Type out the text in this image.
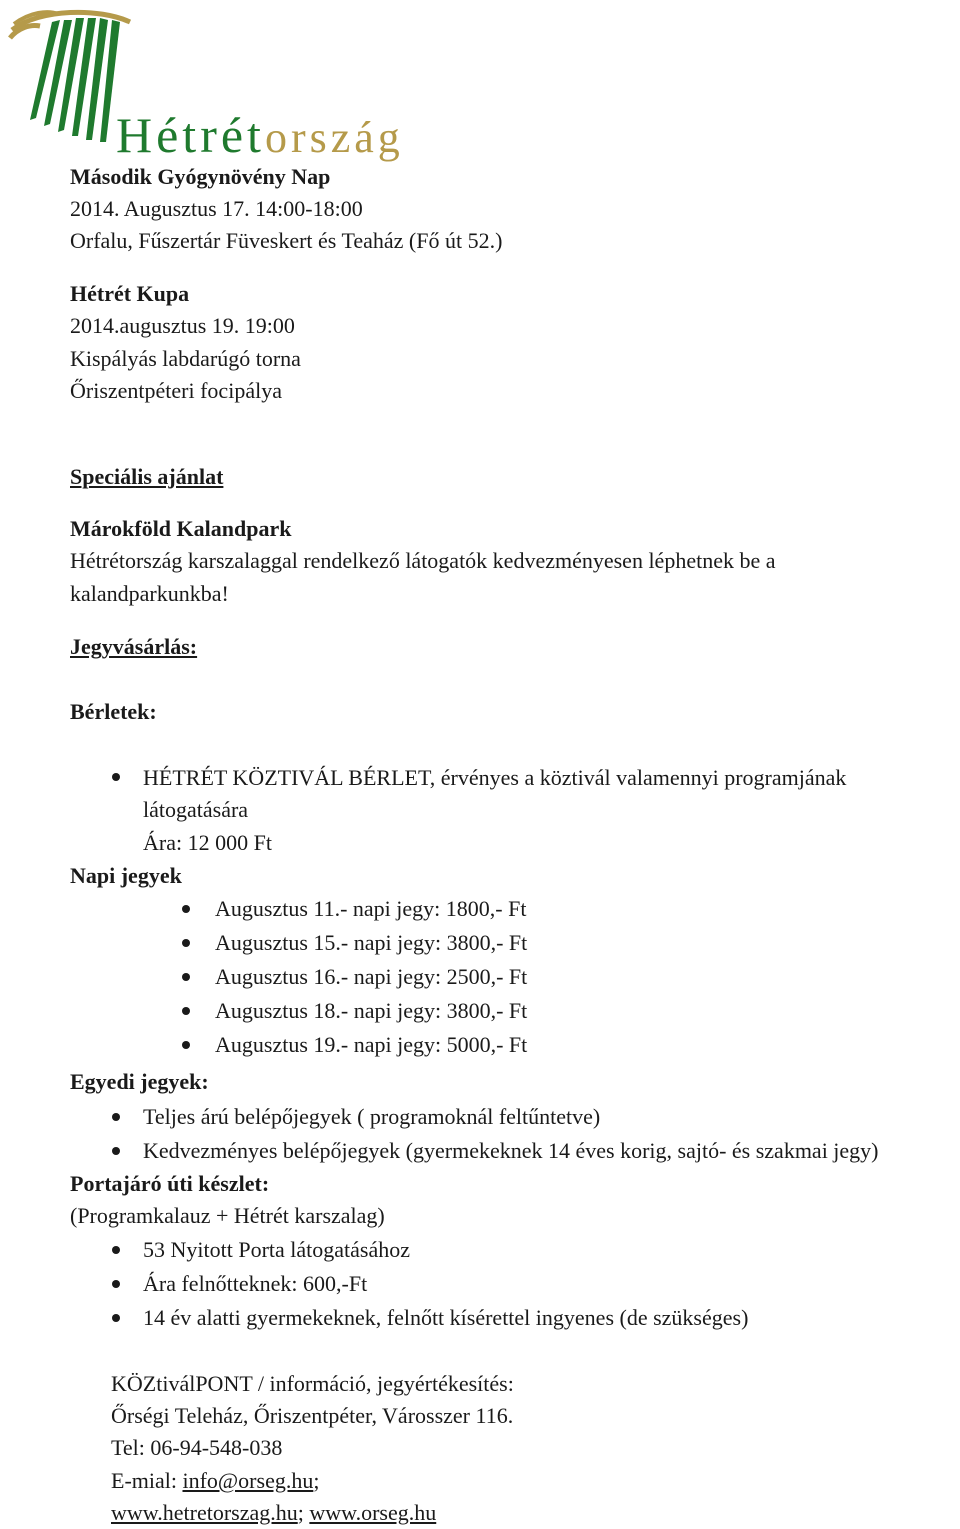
Hétrétország
Második Gyógynövény Nap
2014. Augusztus 17. 14:00-18:00
Orfalu, Fűszertár Füveskert és Teaház (Fő út 52.)
Hétrét Kupa
2014.augusztus 19. 19:00
Kispályás labdarúgó torna
Őriszentpéteri focipálya
Speciális ajánlat
Márokföld Kalandpark
Hétrétország karszalaggal rendelkező látogatók kedvezményesen léphetnek be a
kalandparkunkba!
Jegyvásárlás:
Bérletek:
HÉTRÉT KÖZTIVÁL BÉRLET, érvényes a köztivál valamennyi programjának
látogatására
Ára: 12 000 Ft
Napi jegyek
Augusztus 11.- napi jegy: 1800,- Ft
Augusztus 15.- napi jegy: 3800,- Ft
Augusztus 16.- napi jegy: 2500,- Ft
Augusztus 18.- napi jegy: 3800,- Ft
Augusztus 19.- napi jegy: 5000,- Ft
Egyedi jegyek:
Teljes árú belépőjegyek ( programoknál feltűntetve)
Kedvezményes belépőjegyek (gyermekeknek 14 éves korig, sajtó- és szakmai jegy)
Portajáró úti készlet:
(Programkalauz + Hétrét karszalag)
53 Nyitott Porta látogatásához
Ára felnőtteknek: 600,-Ft
14 év alatti gyermekeknek, felnőtt kísérettel ingyenes (de szükséges)
KÖZtiválPONT / információ, jegyértékesítés:
Őrségi Teleház, Őriszentpéter, Városszer 116.
Tel: 06-94-548-038
E-mial: info@orseg.hu;
www.hetretorszag.hu; www.orseg.hu
